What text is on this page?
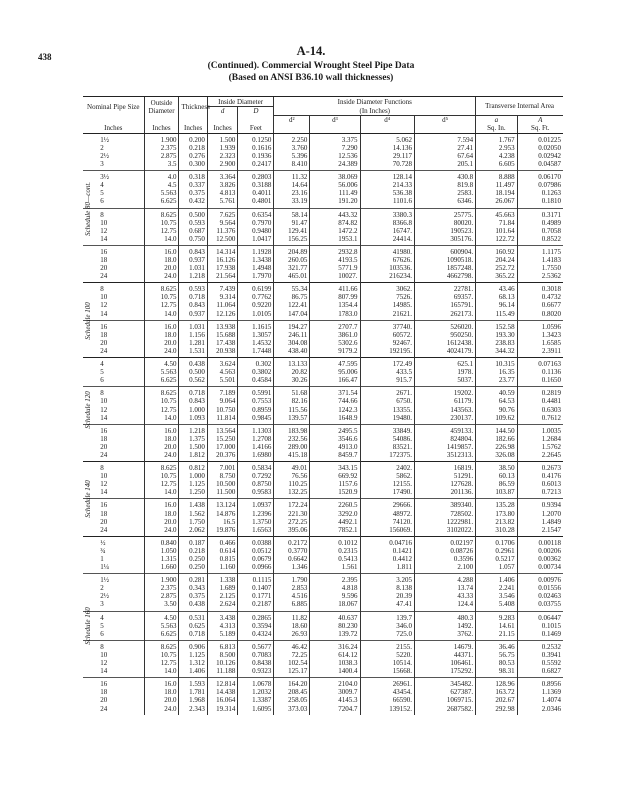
438	A-14.
(Continued). Commercial Wrought Steel Pipe Data
(Based on ANSI B36.10 wall thicknesses)
Nominal Pipe Size		Outside Diameter	Thickness	Inside Diameter		Inside Diameter Functions				Transverse Internal Area	
				d	D	(In Inches)					
						d²	d³	d⁴	d⁵	a	A
Inches		Inches	Inches	Inches	Feet					Sq. In.	Sq. Ft.

Schedule 80—cont.	1½	1.900	0.200	1.500	0.1250	2.250	3.375	5.062	7.594	1.767	0.01225
	2	2.375	0.218	1.939	0.1616	3.760	7.290	14.136	27.41	2.953	0.02050
	2½	2.875	0.276	2.323	0.1936	5.396	12.536	29.117	67.64	4.238	0.02942
	3	3.5	0.300	2.900	0.2417	8.410	24.389	70.728	205.1	6.605	0.04587
	3½	4.0	0.318	3.364	0.2803	11.32	38.069	128.14	430.8	8.888	0.06170
	4	4.5	0.337	3.826	0.3188	14.64	56.006	214.33	819.8	11.497	0.07986
	5	5.563	0.375	4.813	0.4011	23.16	111.49	536.38	2583.	18.194	0.1263
	6	6.625	0.432	5.761	0.4801	33.19	191.20	1101.6	6346.	26.067	0.1810
	8	8.625	0.500	7.625	0.6354	58.14	443.32	3380.3	25775.	45.663	0.3171
	10	10.75	0.593	9.564	0.7970	91.47	874.82	8366.8	80020.	71.84	0.4989
	12	12.75	0.687	11.376	0.9480	129.41	1472.2	16747.	190523.	101.64	0.7058
	14	14.0	0.750	12.500	1.0417	156.25	1953.1	24414.	305176.	122.72	0.8522
	16	16.0	0.843	14.314	1.1928	204.89	2932.8	41980.	600904.	160.92	1.1175
	18	18.0	0.937	16.126	1.3438	260.05	4193.5	67626.	1090518.	204.24	1.4183
	20	20.0	1.031	17.938	1.4948	321.77	5771.9	103536.	1857248.	252.72	1.7550
	24	24.0	1.218	21.564	1.7970	465.01	10027.	216234.	4662798.	365.22	2.5362

Schedule 100	8	8.625	0.593	7.439	0.6199	55.34	411.66	3062.	22781.	43.46	0.3018
	10	10.75	0.718	9.314	0.7762	86.75	807.99	7526.	69357.	68.13	0.4732
	12	12.75	0.843	11.064	0.9220	122.41	1354.4	14985.	165791.	96.14	0.6677
	14	14.0	0.937	12.126	1.0105	147.04	1783.0	21621.	262173.	115.49	0.8020
	16	16.0	1.031	13.938	1.1615	194.27	2707.7	37740.	526020.	152.58	1.0596
	18	18.0	1.156	15.688	1.3057	246.11	3861.0	60572.	950250.	193.30	1.3423
	20	20.0	1.281	17.438	1.4532	304.08	5302.6	92467.	1612438.	238.83	1.6585
	24	24.0	1.531	20.938	1.7448	438.40	9179.2	192195.	4024179.	344.32	2.3911

Schedule 120	4	4.50	0.438	3.624	0.302	13.133	47.595	172.49	625.1	10.315	0.07163
	5	5.563	0.500	4.563	0.3802	20.82	95.006	433.5	1978.	16.35	0.1136
	6	6.625	0.562	5.501	0.4584	30.26	166.47	915.7	5037.	23.77	0.1650
	8	8.625	0.718	7.189	0.5991	51.68	371.54	2671.	19202.	40.59	0.2819
	10	10.75	0.843	9.064	0.7553	82.16	744.66	6750.	61179.	64.53	0.4481
	12	12.75	1.000	10.750	0.8959	115.56	1242.3	13355.	143563.	90.76	0.6303
	14	14.0	1.093	11.814	0.9845	139.57	1648.9	19480.	230137.	109.62	0.7612
	16	16.0	1.218	13.564	1.1303	183.98	2495.5	33849.	459133.	144.50	1.0035
	18	18.0	1.375	15.250	1.2708	232.56	3546.6	54086.	824804.	182.66	1.2684
	20	20.0	1.500	17.000	1.4166	289.00	4913.0	83521.	1419857.	226.98	1.5762
	24	24.0	1.812	20.376	1.6980	415.18	8459.7	172375.	3512313.	326.08	2.2645

Schedule 140	8	8.625	0.812	7.001	0.5834	49.01	343.15	2402.	16819.	38.50	0.2673
	10	10.75	1.000	8.750	0.7292	76.56	669.92	5862.	51291.	60.13	0.4176
	12	12.75	1.125	10.500	0.8750	110.25	1157.6	12155.	127628.	86.59	0.6013
	14	14.0	1.250	11.500	0.9583	132.25	1520.9	17490.	201136.	103.87	0.7213
	16	16.0	1.438	13.124	1.0937	172.24	2260.5	29666.	389340.	135.28	0.9394
	18	18.0	1.562	14.876	1.2396	221.30	3292.0	48972.	728502.	173.80	1.2070
	20	20.0	1.750	16.5	1.3750	272.25	4492.1	74120.	1222981.	213.82	1.4849
	24	24.0	2.062	19.876	1.6563	395.06	7852.1	156069.	3102022.	310.28	2.1547

Schedule 160	½	0.840	0.187	0.466	0.0388	0.2172	0.1012	0.04716	0.02197	0.1706	0.00118
	¾	1.050	0.218	0.614	0.0512	0.3770	0.2315	0.1421	0.08726	0.2961	0.00206
	1	1.315	0.250	0.815	0.0679	0.6642	0.5413	0.4412	0.3596	0.5217	0.00362
	1¼	1.660	0.250	1.160	0.0966	1.346	1.561	1.811	2.100	1.057	0.00734
	1½	1.900	0.281	1.338	0.1115	1.790	2.395	3.205	4.288	1.406	0.00976
	2	2.375	0.343	1.689	0.1407	2.853	4.818	8.138	13.74	2.241	0.01556
	2½	2.875	0.375	2.125	0.1771	4.516	9.596	20.39	43.33	3.546	0.02463
	3	3.50	0.438	2.624	0.2187	6.885	18.067	47.41	124.4	5.408	0.03755
	4	4.50	0.531	3.438	0.2865	11.82	40.637	139.7	480.3	9.283	0.06447
	5	5.563	0.625	4.313	0.3594	18.60	80.230	346.0	1492.	14.61	0.1015
	6	6.625	0.718	5.189	0.4324	26.93	139.72	725.0	3762.	21.15	0.1469
	8	8.625	0.906	6.813	0.5677	46.42	316.24	2155.	14679.	36.46	0.2532
	10	10.75	1.125	8.500	0.7083	72.25	614.12	5220.	44371.	56.75	0.3941
	12	12.75	1.312	10.126	0.8438	102.54	1038.3	10514.	106461.	80.53	0.5592
	14	14.0	1.406	11.188	0.9323	125.17	1400.4	15668.	175292.	98.31	0.6827
	16	16.0	1.593	12.814	1.0678	164.20	2104.0	26961.	345482.	128.96	0.8956
	18	18.0	1.781	14.438	1.2032	208.45	3009.7	43454.	627387.	163.72	1.1369
	20	20.0	1.968	16.064	1.3387	258.05	4145.3	66590.	1069715.	202.67	1.4074
	24	24.0	2.343	19.314	1.6095	373.03	7204.7	139152.	2687582.	292.98	2.0346
